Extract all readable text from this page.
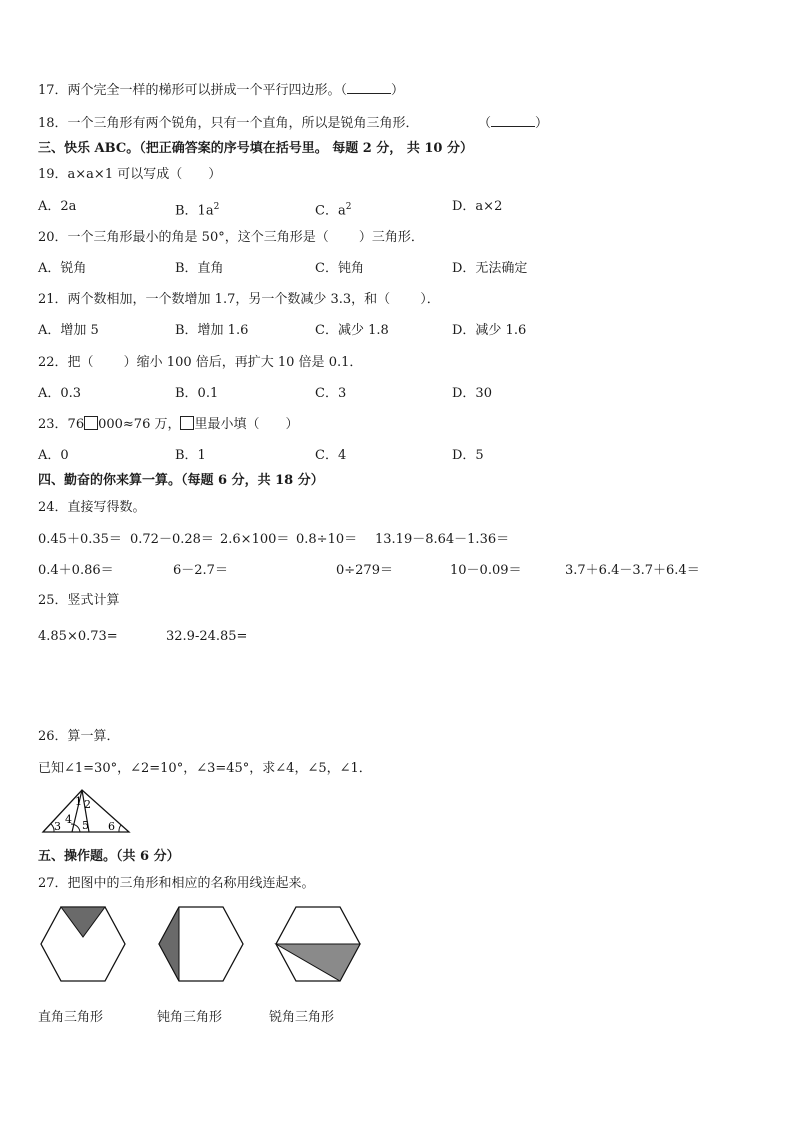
17．两个完全一样的梯形可以拼成一个平行四边形。（	）
18．一个三角形有两个锐角，只有一个直角，所以是锐角三角形．	（	）
三、快乐 ABC。（把正确答案的序号填在括号里。 每题 2 分， 共 10 分）
19．a×a×1 可以写成（　　）
A．2a	B．$1a^2$	C．$a^2$	D．a×2
20．一个三角形最小的角是 50°，这个三角形是（　　 ）三角形．
A．锐角	B．直角	C．钝角	D．无法确定
21．两个数相加，一个数增加 1.7，另一个数减少 3.3，和（　　 ）．
A．增加 5	B．增加 1.6	C．减少 1.8	D．减少 1.6
22．把（　　 ）缩小 100 倍后，再扩大 10 倍是 0.1．
A．0.3	B．0.1	C．3	D．30
23．76 000≈76 万， 里最小填（　　）
A．0	B．1	C．4	D．5
四、勤奋的你来算一算。（每题 6 分，共 18 分）
24．直接写得数。
0.45＋0.35＝ 0.72－0.28＝ 2.6×100＝ 0.8÷10＝ 13.19－8.64－1.36＝
0.4＋0.86＝	6－2.7＝	0÷279＝	10－0.09＝	3.7＋6.4－3.7＋6.4＝
25．竖式计算
4.85×0.73=	32.9-24.85=
26．算一算．
已知∠1=30°，∠2=10°，∠3=45°，求∠4，∠5，∠1．
1 2
3
4 5 6
五、操作题。（共 6 分）
27．把图中的三角形和相应的名称用线连起来。
直角三角形	钝角三角形	锐角三角形
